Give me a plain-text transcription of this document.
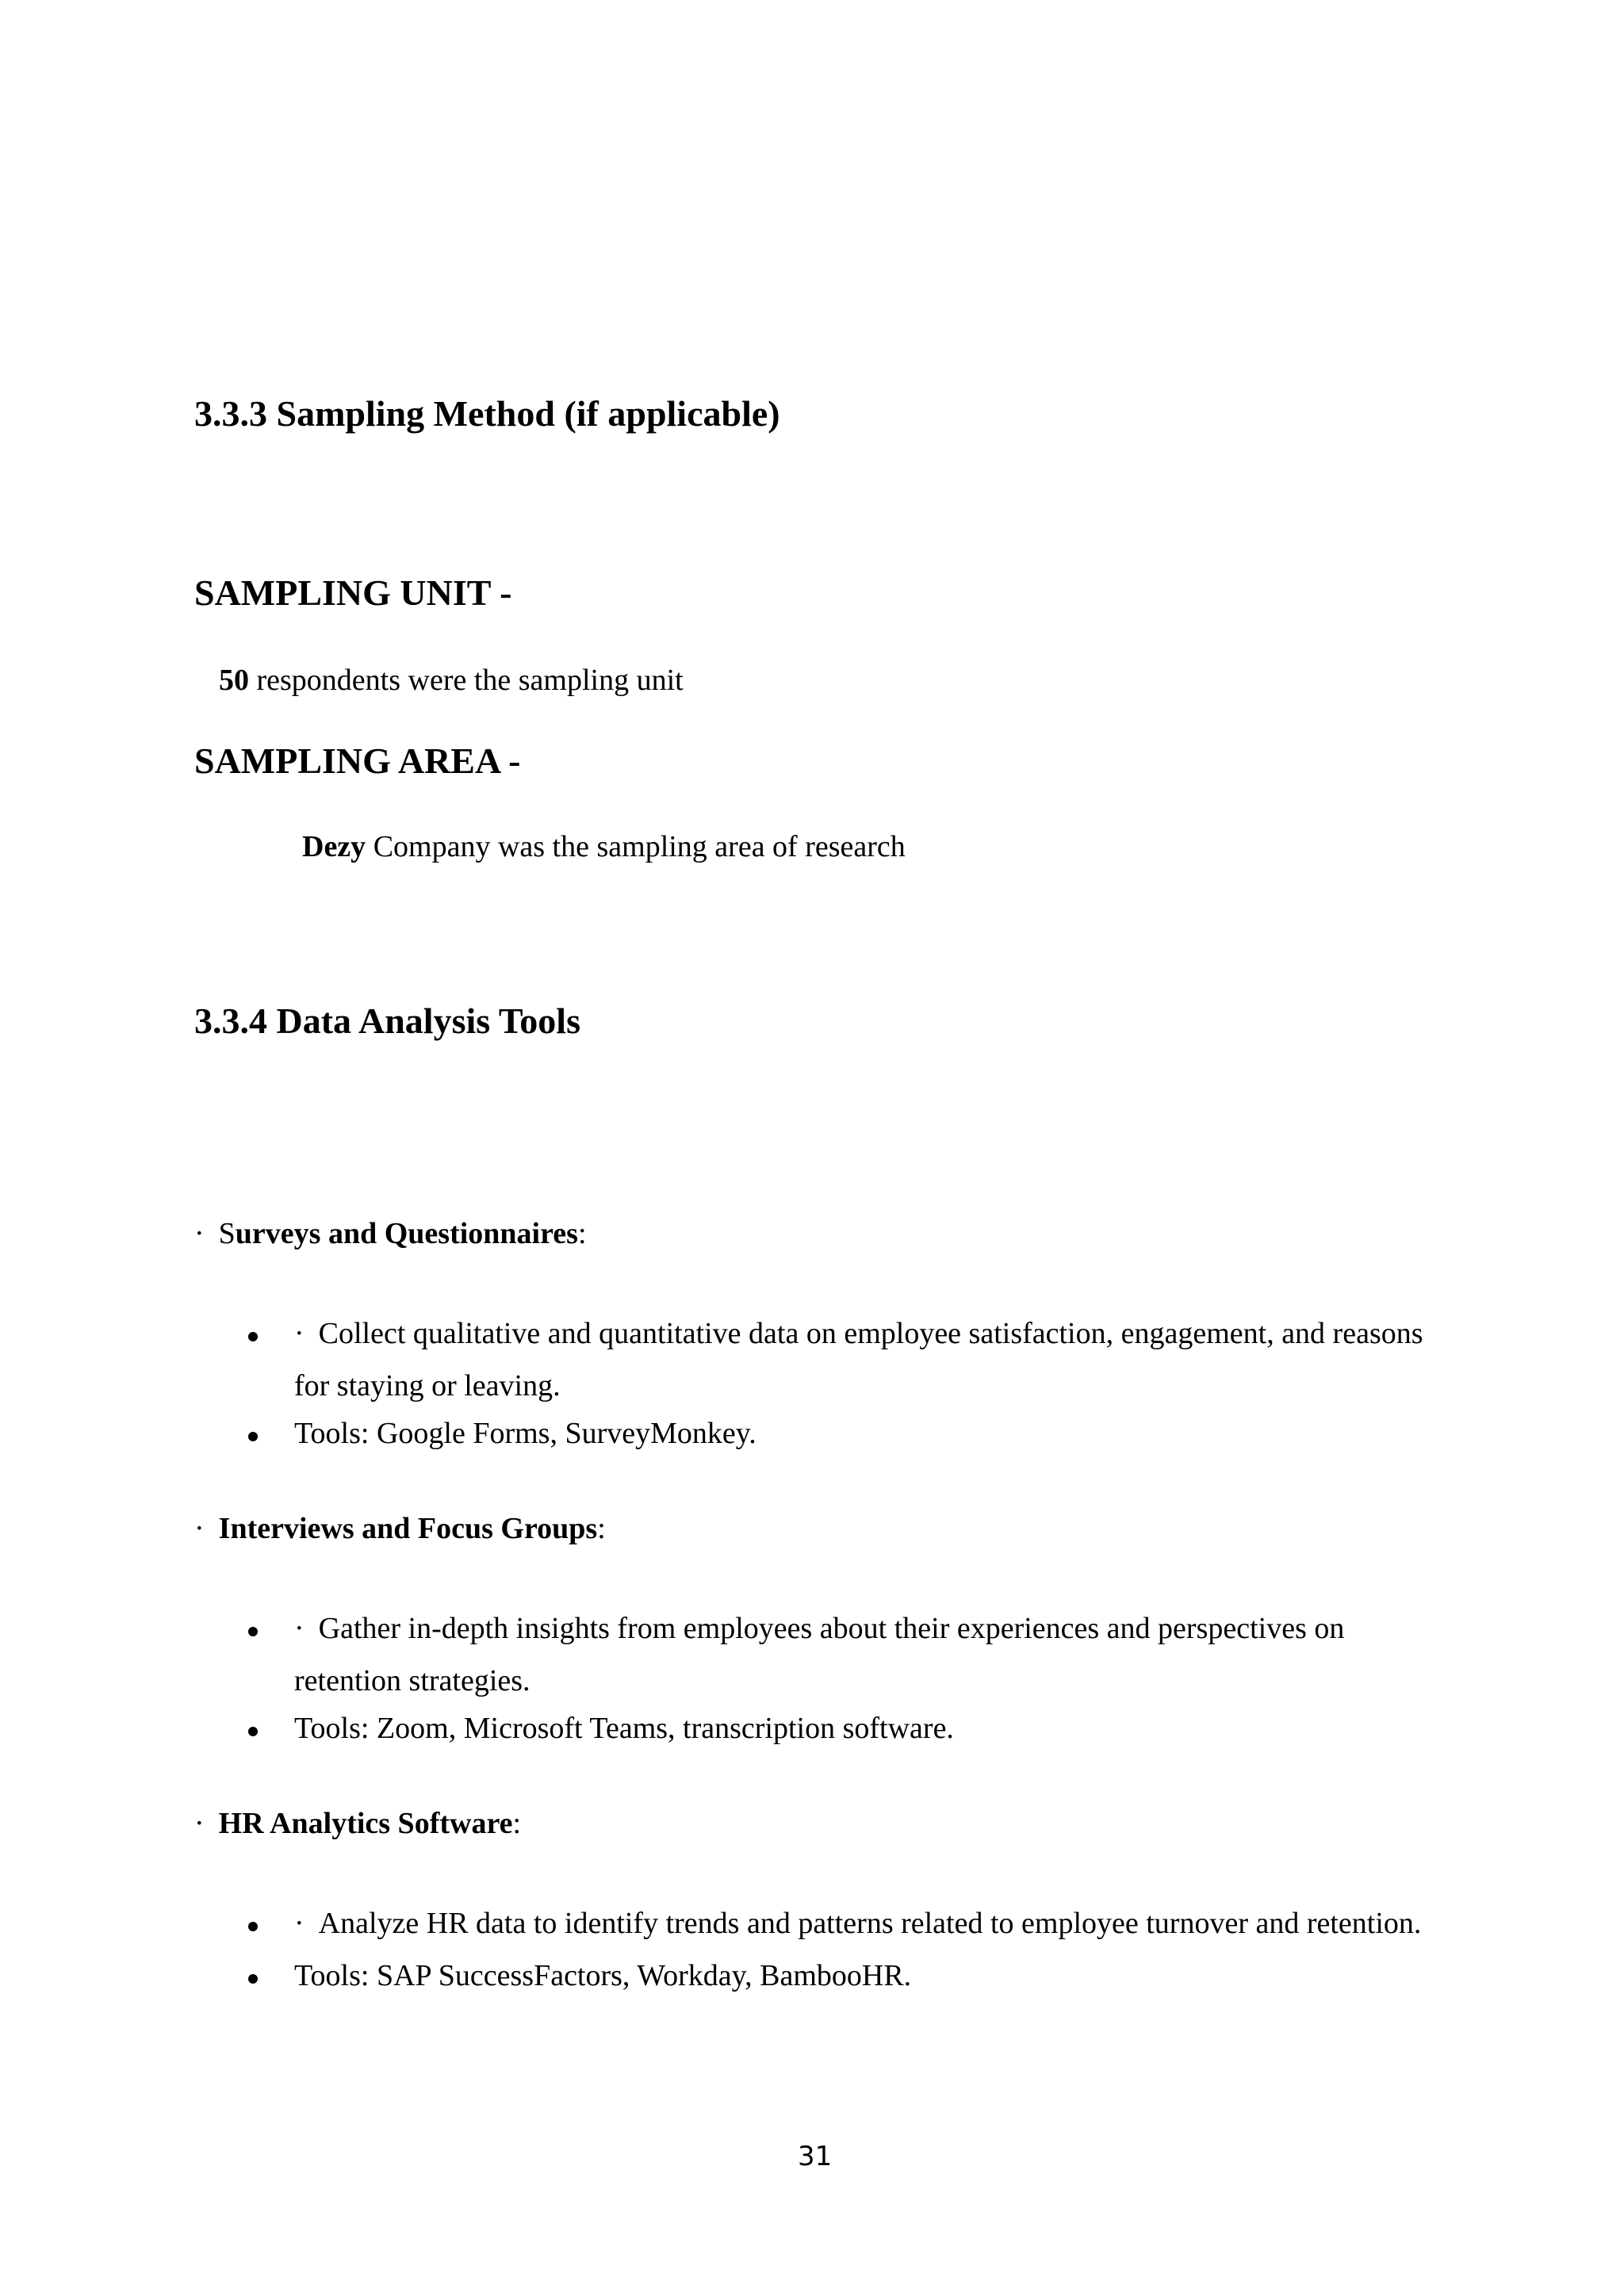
3.3.3 Sampling Method (if applicable)
SAMPLING UNIT -
50 respondents were the sampling unit
SAMPLING AREA -
Dezy Company was the sampling area of research
3.3.4 Data Analysis Tools
· Surveys and Questionnaires:
· Collect qualitative and quantitative data on employee satisfaction, engagement, and reasons
for staying or leaving.
Tools: Google Forms, SurveyMonkey.
· Interviews and Focus Groups:
· Gather in-depth insights from employees about their experiences and perspectives on
retention strategies.
Tools: Zoom, Microsoft Teams, transcription software.
· HR Analytics Software:
· Analyze HR data to identify trends and patterns related to employee turnover and retention.
Tools: SAP SuccessFactors, Workday, BambooHR.
31
